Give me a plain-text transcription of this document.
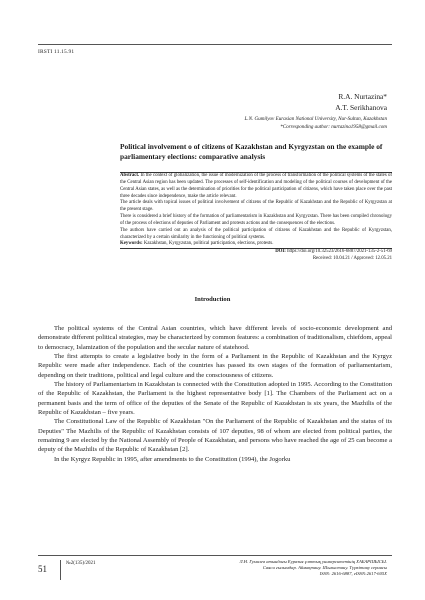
IRSTI 11.15.91
R.A. Nurtazina*
A.T. Serikhanova
L.N. Gumilyov Eurasian National University, Nur-Sultan, Kazakhstan
*Corresponding author: nurtazina1958@gmail.com
Political involvement o of citizens of Kazakhstan and Kyrgyzstan on the example of parliamentary elections: comparative analysis

Abstract. In the context of globalization, the issue of modernization of the process of transformation of the political systems of the states of the Central Asian region has been updated. The processes of self-identification and modeling of the political courses of development of the Central Asian states, as well as the determination of priorities for the political participation of citizens, which have taken place over the past three decades since independence, make the article relevant.

The article deals with topical issues of political involvement of citizens of the Republic of Kazakhstan and the Republic of Kyrgyzstan at the present stage.

There is considered a brief history of the formation of parliamentarism in Kazakhstan and Kyrgyzstan. There has been compiled chronology of the process of elections of deputies of Parliament and protests actions and the consequences of the elections.

The authors have carried out an analysis of the political participation of citizens of Kazakhstan and the Republic of Kyrgyzstan, characterized by a certain similarity in the functioning of political systems.

Keywords: Kazakhstan, Kyrgyzstan, political participation, elections, protests.

DOI: https://doi.org/10.32523/2616-6887/2021-135-2-51-69
Received: 10.04.21 / Approved: 12.05.21
Introduction

The political systems of the Central Asian countries, which have different levels of socio-economic development and demonstrate different political strategies, may be characterized by common features: a combination of traditionalism, chiefdom, appeal to democracy, Islamization of the population and the secular nature of statehood.

The first attempts to create a legislative body in the form of a Parliament in the Republic of Kazakhstan and the Kyrgyz Republic were made after independence. Each of the countries has passed its own stages of the formation of parliamentarism, depending on their traditions, political and legal culture and the consciousness of citizens.

The history of Parliamentarism in Kazakhstan is connected with the Constitution adopted in 1995. According to the Constitution of the Republic of Kazakhstan, the Parliament is the highest representative body [1]. The Chambers of the Parliament act on a permanent basis and the term of office of the deputies of the Senate of the Republic of Kazakhstan is six years, the Mazhilis of the Republic of Kazakhstan – five years.

The Constitutional Law of the Republic of Kazakhstan "On the Parliament of the Republic of Kazakhstan and the status of its Deputies" The Mazhilis of the Republic of Kazakhstan consists of 107 deputies, 98 of whom are elected from political parties, the remaining 9 are elected by the National Assembly of People of Kazakhstan, and persons who have reached the age of 25 can become a deputy of the Mazhilis of the Republic of Kazakhstan [2].

In the Kyrgyz Republic in 1995, after amendments to the Constitution (1994), the Jogorku

51
№2(135)/2021	Л.Н. Гумилев атындағы Еуразия ұлттық университетінің ХАБАРШЫСЫ.
Саяси ғылымдар. Аймақтану. Шығыстану. Түркітану сериясы
ISSN: 2616-6887, eISSN:2617-605X
